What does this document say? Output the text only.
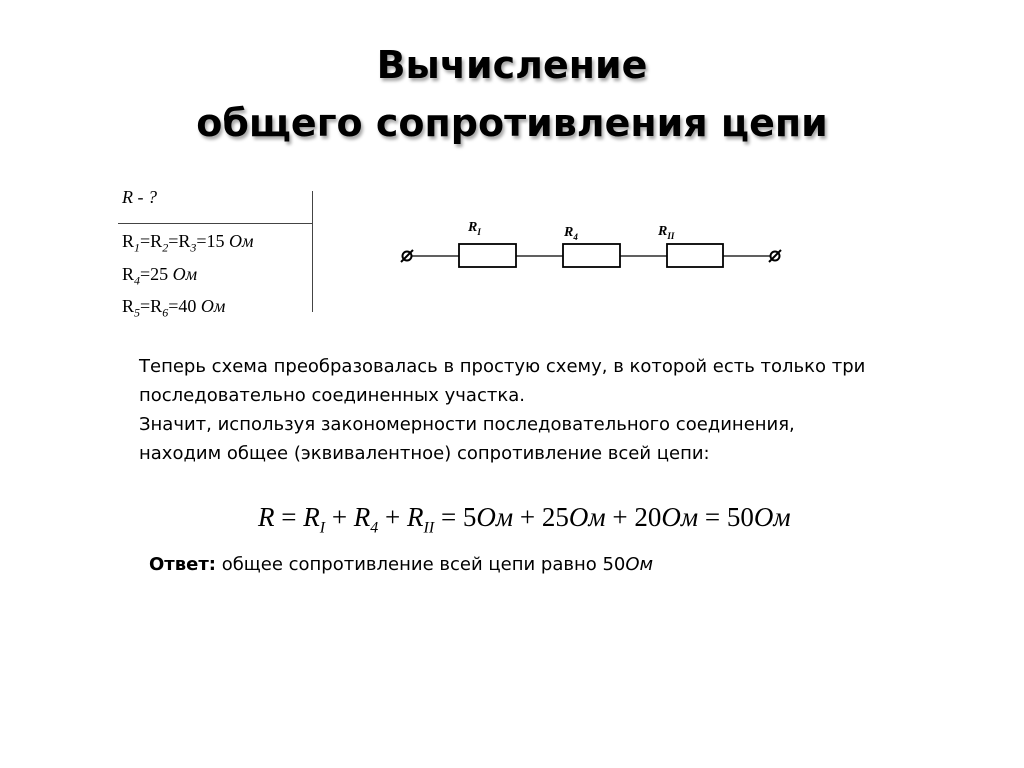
Вычисление
общего сопротивления цепи
R - ?
$R_1=R_2=R_3=15$ Ом
$R_4=25$ Ом
$R_5=R_6=40$ Ом
$R_I$	$R_4$	$R_{II}$
Теперь схема преобразовалась в простую схему, в которой есть только три
последовательно соединенных участка.
Значит, используя закономерности последовательного соединения,
находим общее (эквивалентное) сопротивление всей цепи:
$R = R_I + R_4 + R_{II} = 5Ом + 25Ом + 20Ом = 50Ом$
Ответ: общее сопротивление всей цепи равно 50Ом
